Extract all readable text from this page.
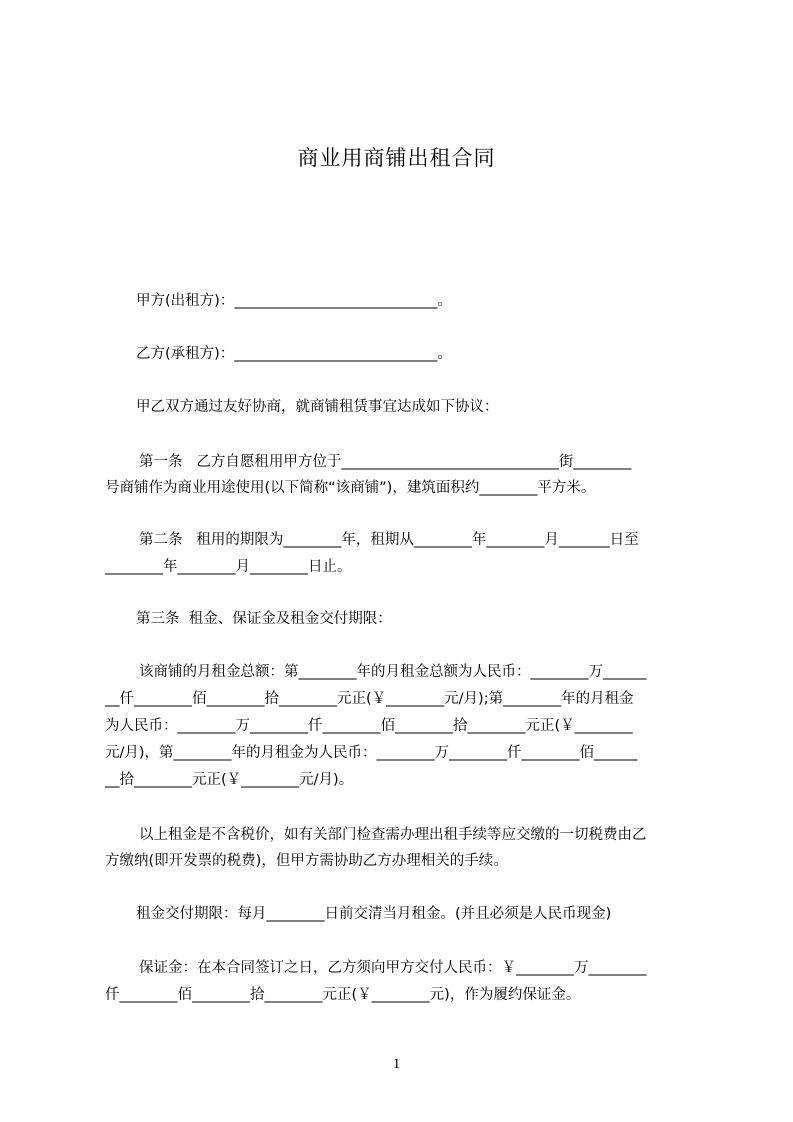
商业用商铺出租合同
甲方(出租方)：____________________________。
乙方(承租方)：____________________________。
甲乙双方通过友好协商，就商铺租赁事宜达成如下协议：
第一条   乙方自愿租用甲方位于______________________________街________
号商铺作为商业用途使用(以下简称“该商铺”)，建筑面积约________平方米。
第二条   租用的期限为________年，租期从________年________月_______日至
________年________月________日止。
第三条  租金、保证金及租金交付期限：
该商铺的月租金总额：第________年的月租金总额为人民币：________万______
__仟________佰________拾________元正(￥________元/月);第________年的月租金
为人民币：________万________仟________佰________拾________元正(￥________
元/月)，第________年的月租金为人民币：________万________仟________佰______
__拾________元正(￥________元/月)。
以上租金是不含税价，如有关部门检查需办理出租手续等应交缴的一切税费由乙
方缴纳(即开发票的税费)，但甲方需协助乙方办理相关的手续。
租金交付期限：每月________日前交清当月租金。(并且必须是人民币现金)
保证金：在本合同签订之日，乙方须向甲方交付人民币：￥________万________
仟________佰________拾________元正(￥________元)，作为履约保证金。
1
